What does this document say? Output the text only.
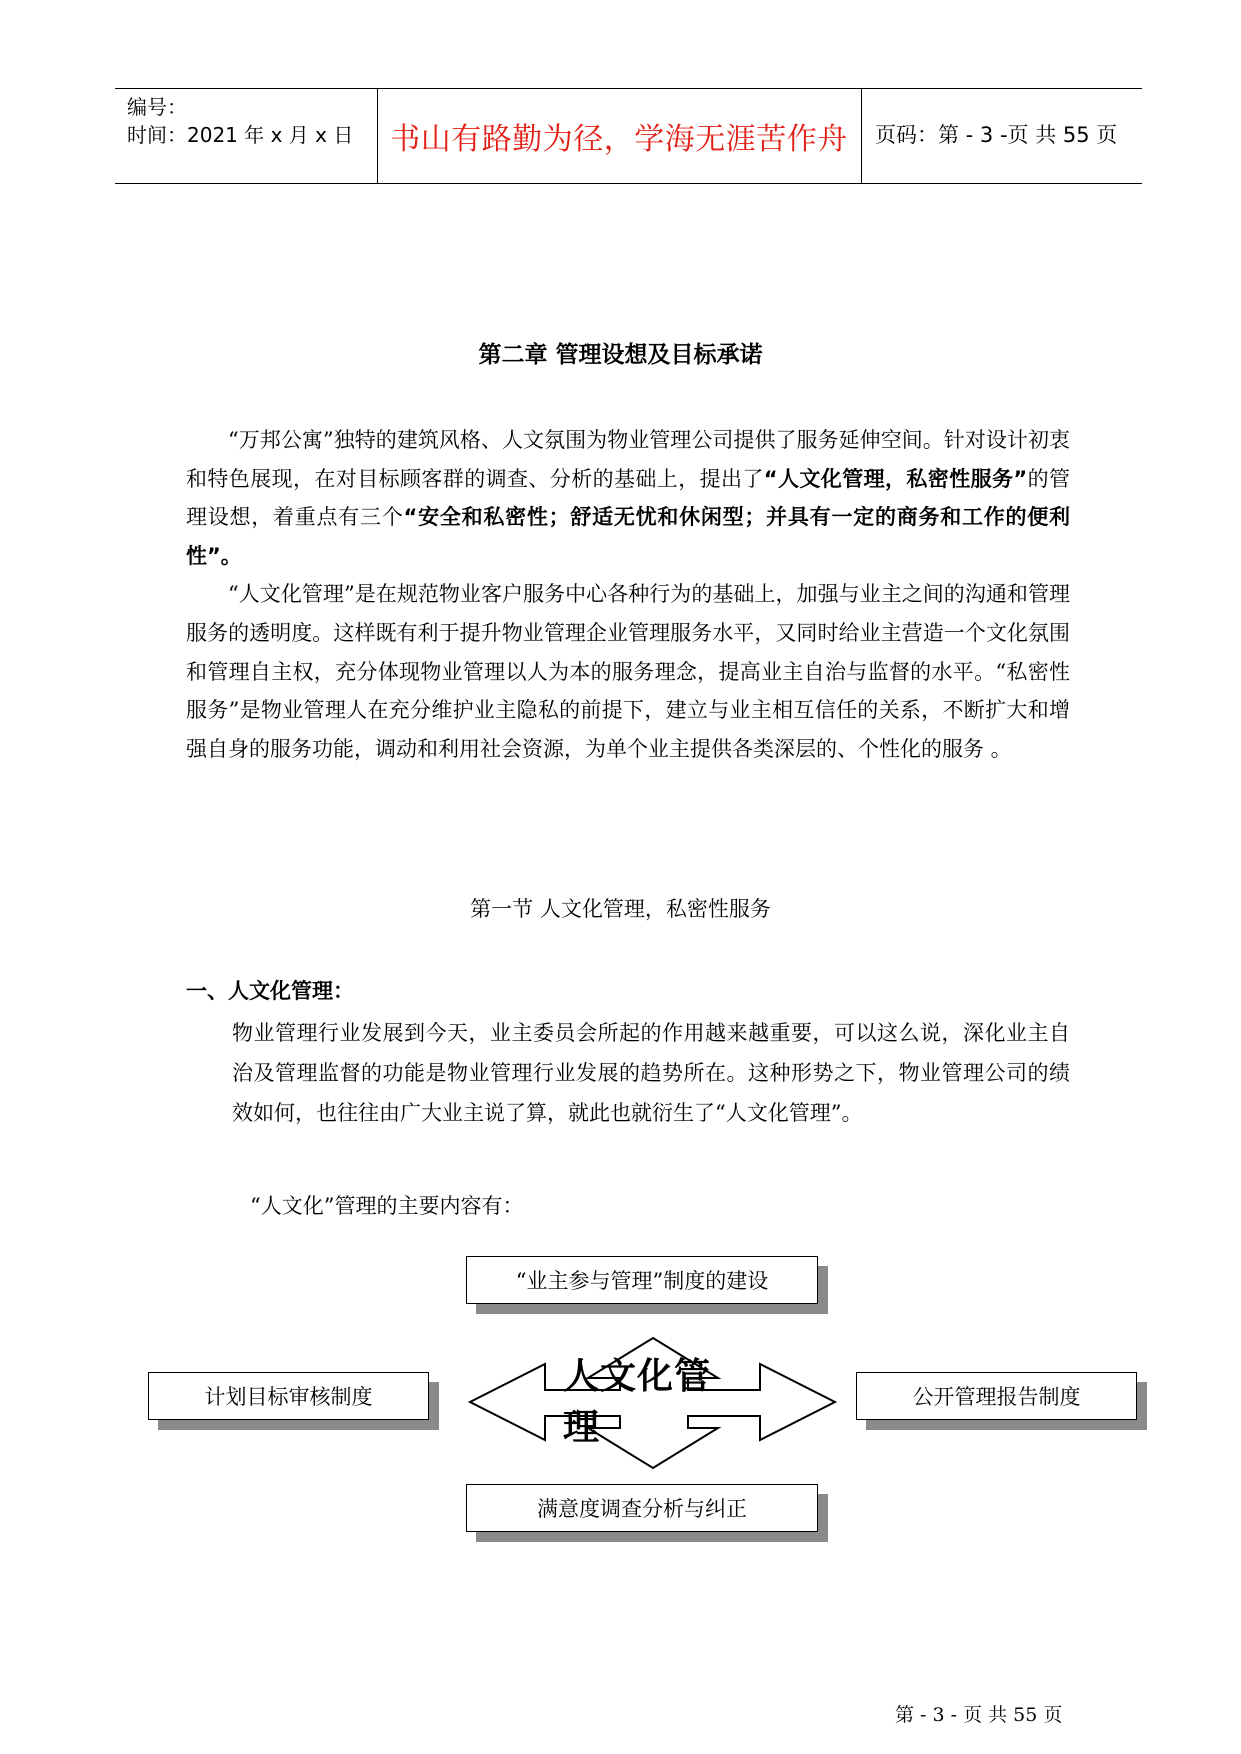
编号：
时间：2021 年 x 月 x 日	书山有路勤为径，学海无涯苦作舟	页码：第 - 3 -页 共 55 页
第二章 管理设想及目标承诺

“万邦公寓”独特的建筑风格、人文氛围为物业管理公司提供了服务延伸空间。针对设计初衷和特色展现，在对目标顾客群的调查、分析的基础上，提出了“人文化管理，私密性服务”的管理设想，着重点有三个“安全和私密性；舒适无忧和休闲型；并具有一定的商务和工作的便利性”。

“人文化管理”是在规范物业客户服务中心各种行为的基础上，加强与业主之间的沟通和管理服务的透明度。这样既有利于提升物业管理企业管理服务水平，又同时给业主营造一个文化氛围和管理自主权，充分体现物业管理以人为本的服务理念，提高业主自治与监督的水平。“私密性服务”是物业管理人在充分维护业主隐私的前提下，建立与业主相互信任的关系，不断扩大和增强自身的服务功能，调动和利用社会资源，为单个业主提供各类深层的、个性化的服务 。

第一节 人文化管理，私密性服务
一、人文化管理：
物业管理行业发展到今天，业主委员会所起的作用越来越重要，可以这么说，深化业主自治及管理监督的功能是物业管理行业发展的趋势所在。这种形势之下，物业管理公司的绩效如何，也往往由广大业主说了算，就此也就衍生了“人文化管理”。
“人文化”管理的主要内容有：
人文化管理
“业主参与管理”制度的建设
计划目标审核制度	公开管理报告制度
满意度调查分析与纠正
第 - 3 - 页 共 55 页
